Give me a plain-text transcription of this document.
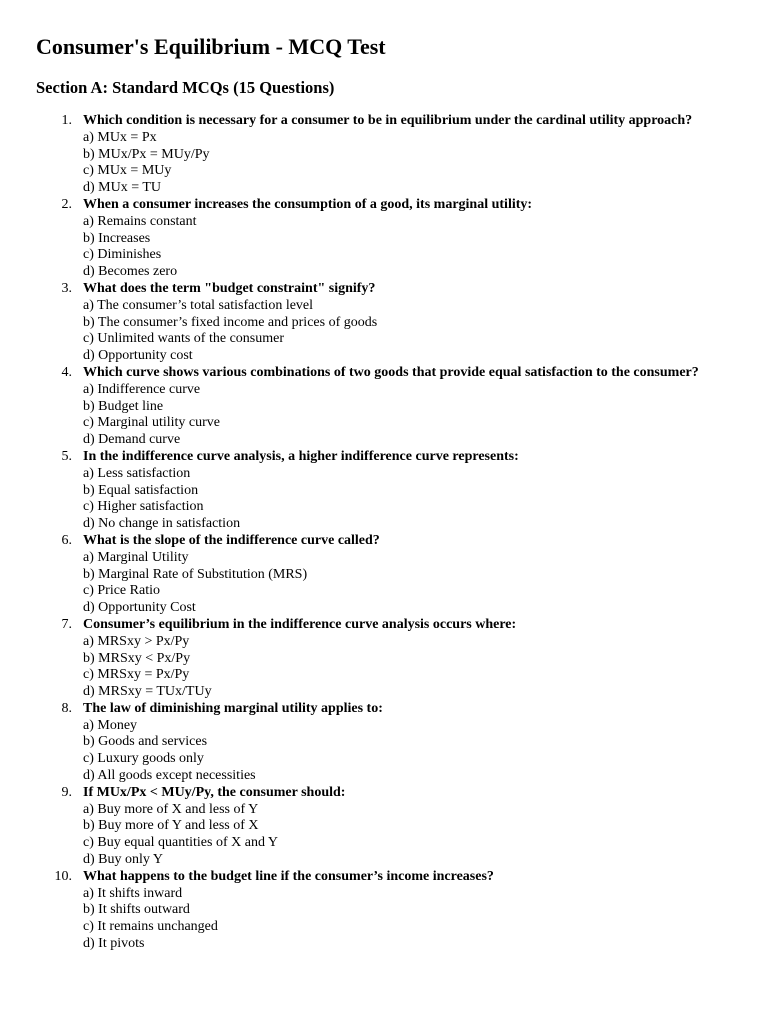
Consumer's Equilibrium - MCQ Test
Section A: Standard MCQs (15 Questions)
1. Which condition is necessary for a consumer to be in equilibrium under the cardinal utility approach?
a) MUx = Px
b) MUx/Px = MUy/Py
c) MUx = MUy
d) MUx = TU
2. When a consumer increases the consumption of a good, its marginal utility:
a) Remains constant
b) Increases
c) Diminishes
d) Becomes zero
3. What does the term "budget constraint" signify?
a) The consumer’s total satisfaction level
b) The consumer’s fixed income and prices of goods
c) Unlimited wants of the consumer
d) Opportunity cost
4. Which curve shows various combinations of two goods that provide equal satisfaction to the consumer?
a) Indifference curve
b) Budget line
c) Marginal utility curve
d) Demand curve
5. In the indifference curve analysis, a higher indifference curve represents:
a) Less satisfaction
b) Equal satisfaction
c) Higher satisfaction
d) No change in satisfaction
6. What is the slope of the indifference curve called?
a) Marginal Utility
b) Marginal Rate of Substitution (MRS)
c) Price Ratio
d) Opportunity Cost
7. Consumer’s equilibrium in the indifference curve analysis occurs where:
a) MRSxy > Px/Py
b) MRSxy < Px/Py
c) MRSxy = Px/Py
d) MRSxy = TUx/TUy
8. The law of diminishing marginal utility applies to:
a) Money
b) Goods and services
c) Luxury goods only
d) All goods except necessities
9. If MUx/Px < MUy/Py, the consumer should:
a) Buy more of X and less of Y
b) Buy more of Y and less of X
c) Buy equal quantities of X and Y
d) Buy only Y
10. What happens to the budget line if the consumer’s income increases?
a) It shifts inward
b) It shifts outward
c) It remains unchanged
d) It pivots
